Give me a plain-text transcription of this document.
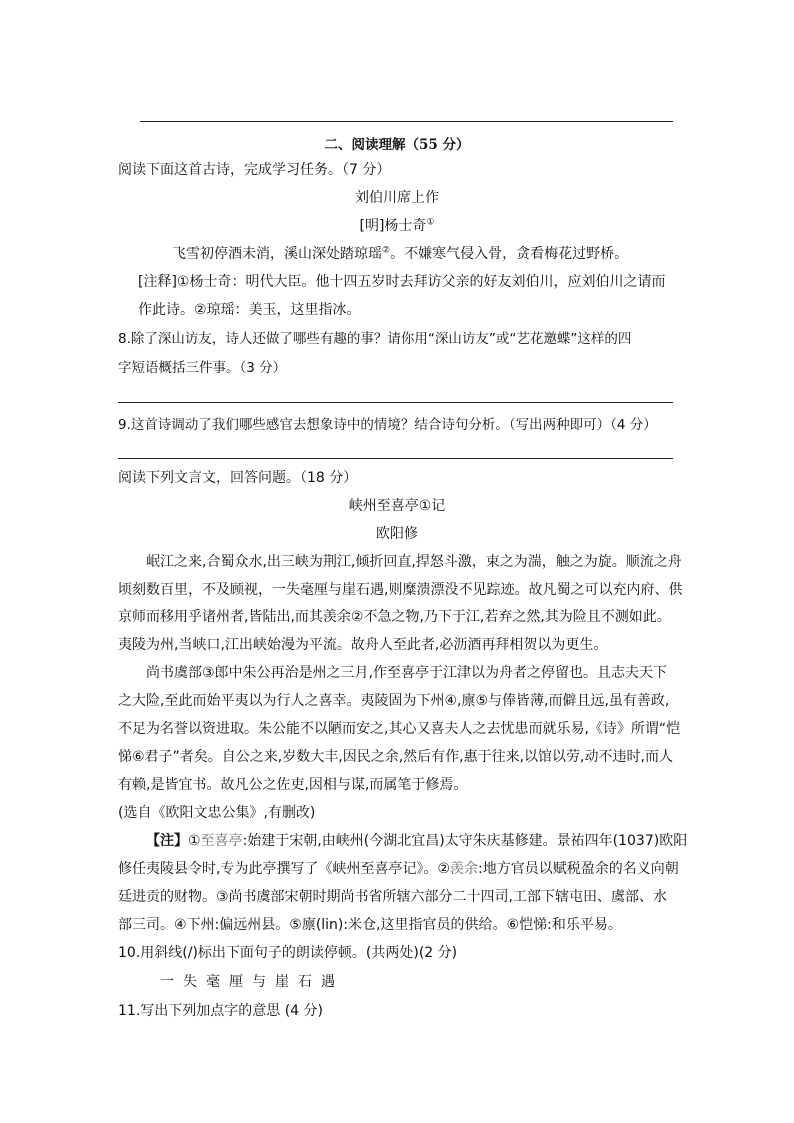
二、阅读理解（55 分）
阅读下面这首古诗，完成学习任务。（7 分）
刘伯川席上作
[明]杨士奇①
飞雪初停酒未消，溪山深处踏琼瑶②。不嫌寒气侵入骨，贪看梅花过野桥。
[注释]①杨士奇：明代大臣。他十四五岁时去拜访父亲的好友刘伯川，应刘伯川之请而
作此诗。②琼瑶：美玉，这里指冰。
8.除了深山访友，诗人还做了哪些有趣的事？请你用“深山访友”或“艺花邀蝶”这样的四
字短语概括三件事。（3 分）
9.这首诗调动了我们哪些感官去想象诗中的情境？结合诗句分析。（写出两种即可）（4 分）
阅读下列文言文，回答问题。（18 分）
峡州至喜亭①记
欧阳修
岷江之来,合蜀众水,出三峡为荆江,倾折回直,捍怒斗激，束之为湍，触之为旋。顺流之舟
顷刻数百里，不及顾视，一失毫厘与崖石遇,则糜溃漂没不见踪迹。故凡蜀之可以充内府、供
京师而移用乎诸州者,皆陆出,而其羡余②不急之物,乃下于江,若弃之然,其为险且不测如此。
夷陵为州,当峡口,江出峡始漫为平流。故舟人至此者,必沥酒再拜相贺以为更生。
尚书虞部③郎中朱公再治是州之三月,作至喜亭于江津以为舟者之停留也。且志夫天下
之大险,至此而始平夷以为行人之喜幸。夷陵固为下州④,廪⑤与俸皆薄,而僻且远,虽有善政,
不足为名誉以资进取。朱公能不以陋而安之,其心又喜夫人之去忧患而就乐易,《诗》所谓“恺
悌⑥君子”者矣。自公之来,岁数大丰,因民之余,然后有作,惠于往来,以馆以劳,动不违时,而人
有赖,是皆宜书。故凡公之佐吏,因相与谋,而属笔于修焉。
(选自《欧阳文忠公集》,有删改)
【注】①至喜亭:始建于宋朝,由峡州(今湖北宜昌)太守朱庆基修建。景祐四年(1037)欧阳
修任夷陵县令时,专为此亭撰写了《峡州至喜亭记》。②羡余:地方官员以赋税盈余的名义向朝
廷进贡的财物。③尚书虞部宋朝时期尚书省所辖六部分二十四司,工部下辖屯田、虞部、水
部三司。④下州:偏远州县。⑤廪(lin):米仓,这里指官员的供给。⑥恺悌:和乐平易。
10.用斜线(/)标出下面句子的朗读停顿。(共两处)(2 分)
一失毫厘与崖石遇
11.写出下列加点字的意思 (4 分)
